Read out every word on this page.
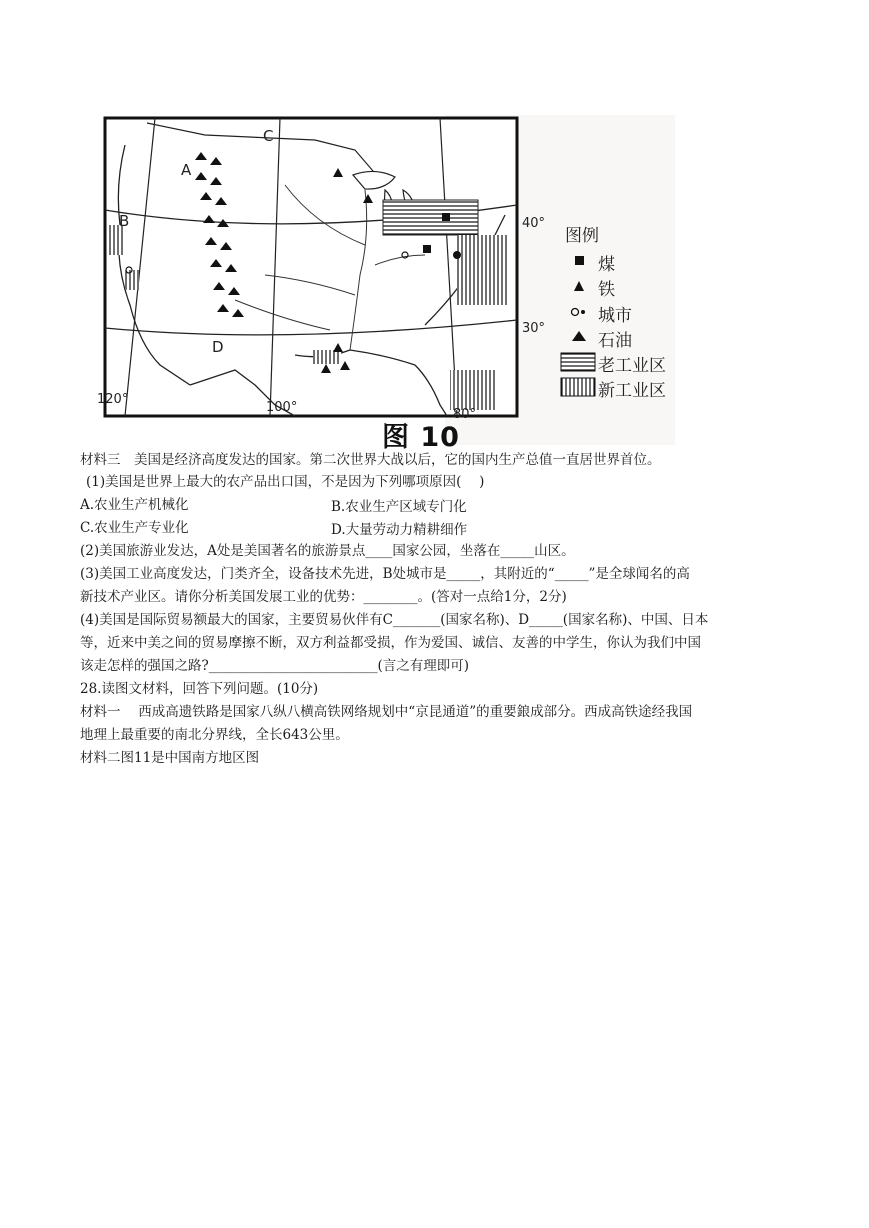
A
B
C
D
40°
30°
120°
100°	80°
图例
煤
铁
城市
石油
老工业区
新工业区
图 10
材料三　美国是经济高度发达的国家。第二次世界大战以后，它的国内生产总值一直居世界首位。
(1)美国是世界上最大的农产品出口国，不是因为下列哪项原因(　 )
A.农业生产机械化	B.农业生产区域专门化
C.农业生产专业化	D.大量劳动力精耕细作
(2)美国旅游业发达，A处是美国著名的旅游景点____国家公园，坐落在_____山区。
(3)美国工业高度发达，门类齐全，设备技术先进，B处城市是_____，其附近的“_____”是全球闻名的高
新技术产业区。请你分析美国发展工业的优势：________。(答对一点给1分，2分)
(4)美国是国际贸易额最大的国家，主要贸易伙伴有C_______(国家名称)、D_____(国家名称)、中国、日本
等，近来中美之间的贸易摩擦不断，双方利益都受损，作为爱国、诚信、友善的中学生，你认为我们中国
该走怎样的强国之路?_________________________(言之有理即可)
28.读图文材料，回答下列问题。(10分)
材料一　 西成高遗铁路是国家八纵八横高铁网络规划中“京昆通道”的重要鋃成部分。西成高铁途经我国
地理上最重要的南北分界线，全长643公里。
材料二图11是中国南方地区图
